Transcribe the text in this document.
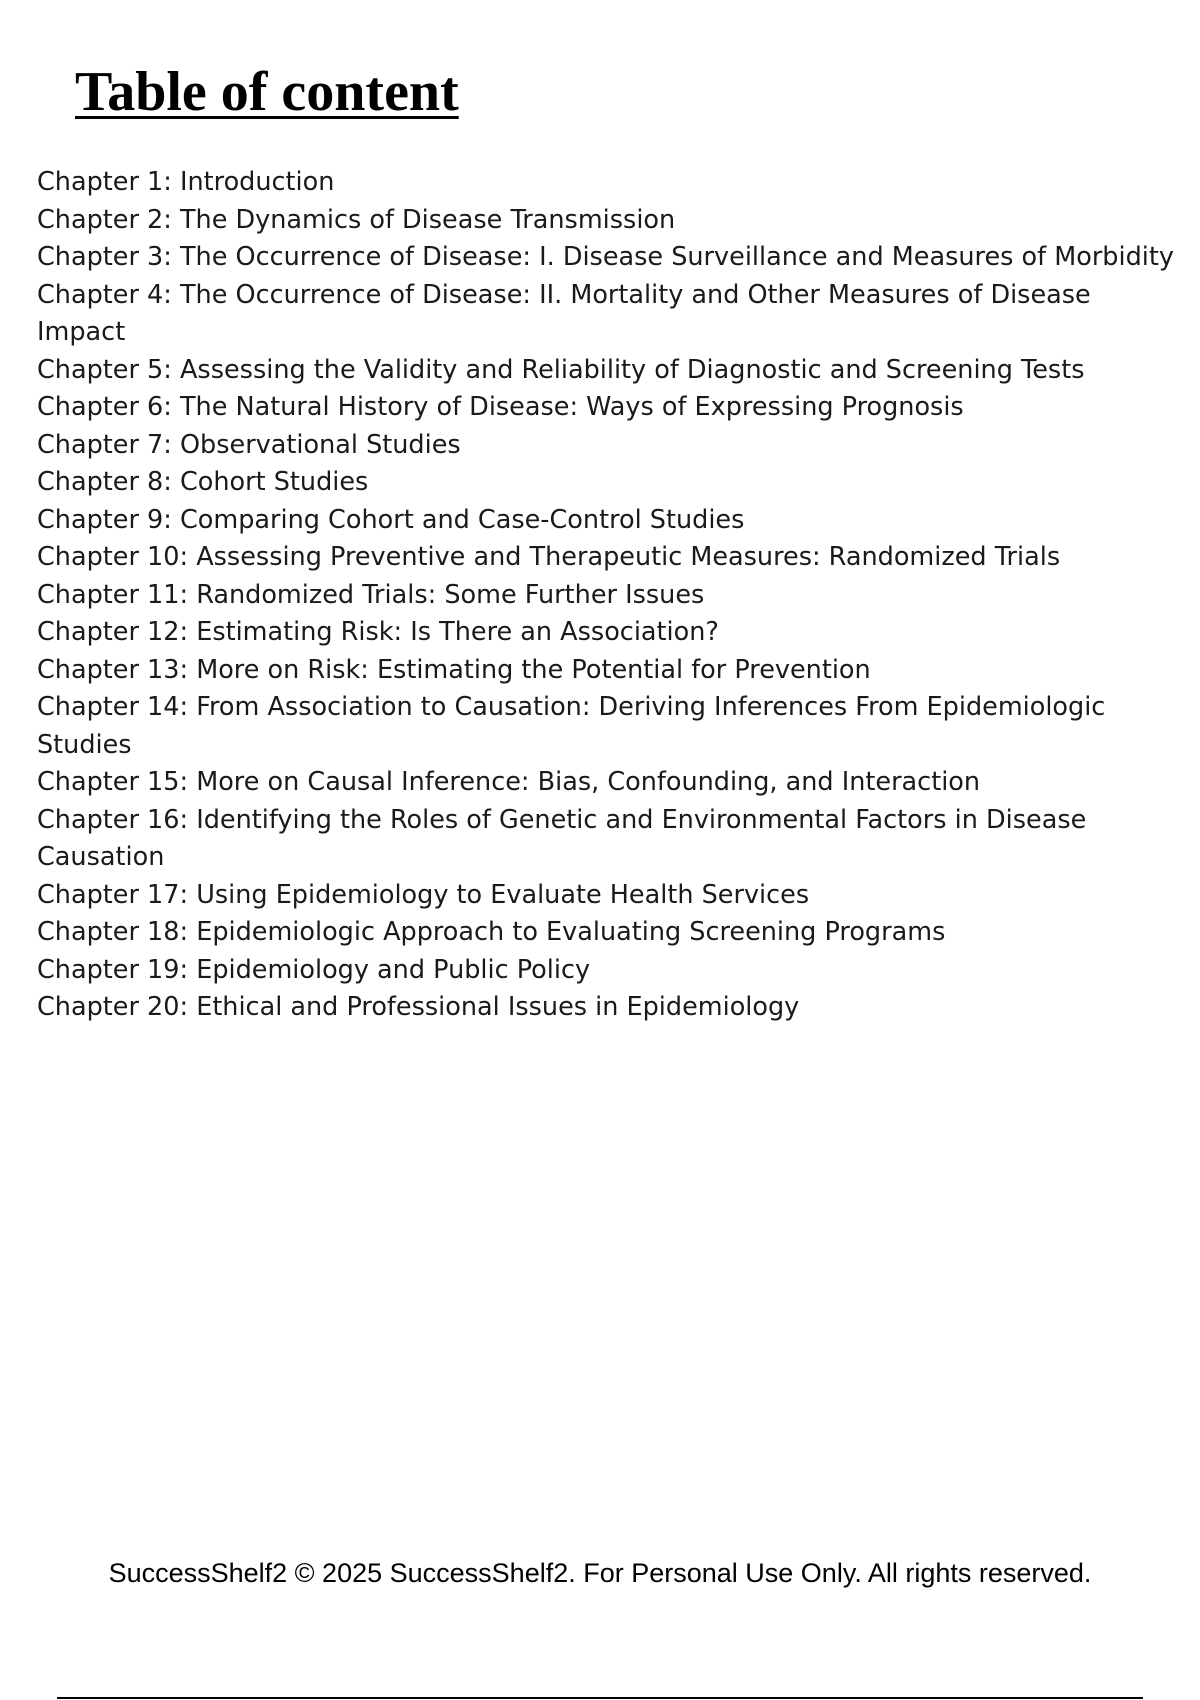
Table of content
Chapter 1: Introduction
Chapter 2: The Dynamics of Disease Transmission
Chapter 3: The Occurrence of Disease: I. Disease Surveillance and Measures of Morbidity
Chapter 4: The Occurrence of Disease: II. Mortality and Other Measures of Disease Impact
Chapter 5: Assessing the Validity and Reliability of Diagnostic and Screening Tests
Chapter 6: The Natural History of Disease: Ways of Expressing Prognosis
Chapter 7: Observational Studies
Chapter 8: Cohort Studies
Chapter 9: Comparing Cohort and Case-Control Studies
Chapter 10: Assessing Preventive and Therapeutic Measures: Randomized Trials
Chapter 11: Randomized Trials: Some Further Issues
Chapter 12: Estimating Risk: Is There an Association?
Chapter 13: More on Risk: Estimating the Potential for Prevention
Chapter 14: From Association to Causation: Deriving Inferences From Epidemiologic Studies
Chapter 15: More on Causal Inference: Bias, Confounding, and Interaction
Chapter 16: Identifying the Roles of Genetic and Environmental Factors in Disease Causation
Chapter 17: Using Epidemiology to Evaluate Health Services
Chapter 18: Epidemiologic Approach to Evaluating Screening Programs
Chapter 19: Epidemiology and Public Policy
Chapter 20: Ethical and Professional Issues in Epidemiology
SuccessShelf2 © 2025 SuccessShelf2. For Personal Use Only. All rights reserved.
